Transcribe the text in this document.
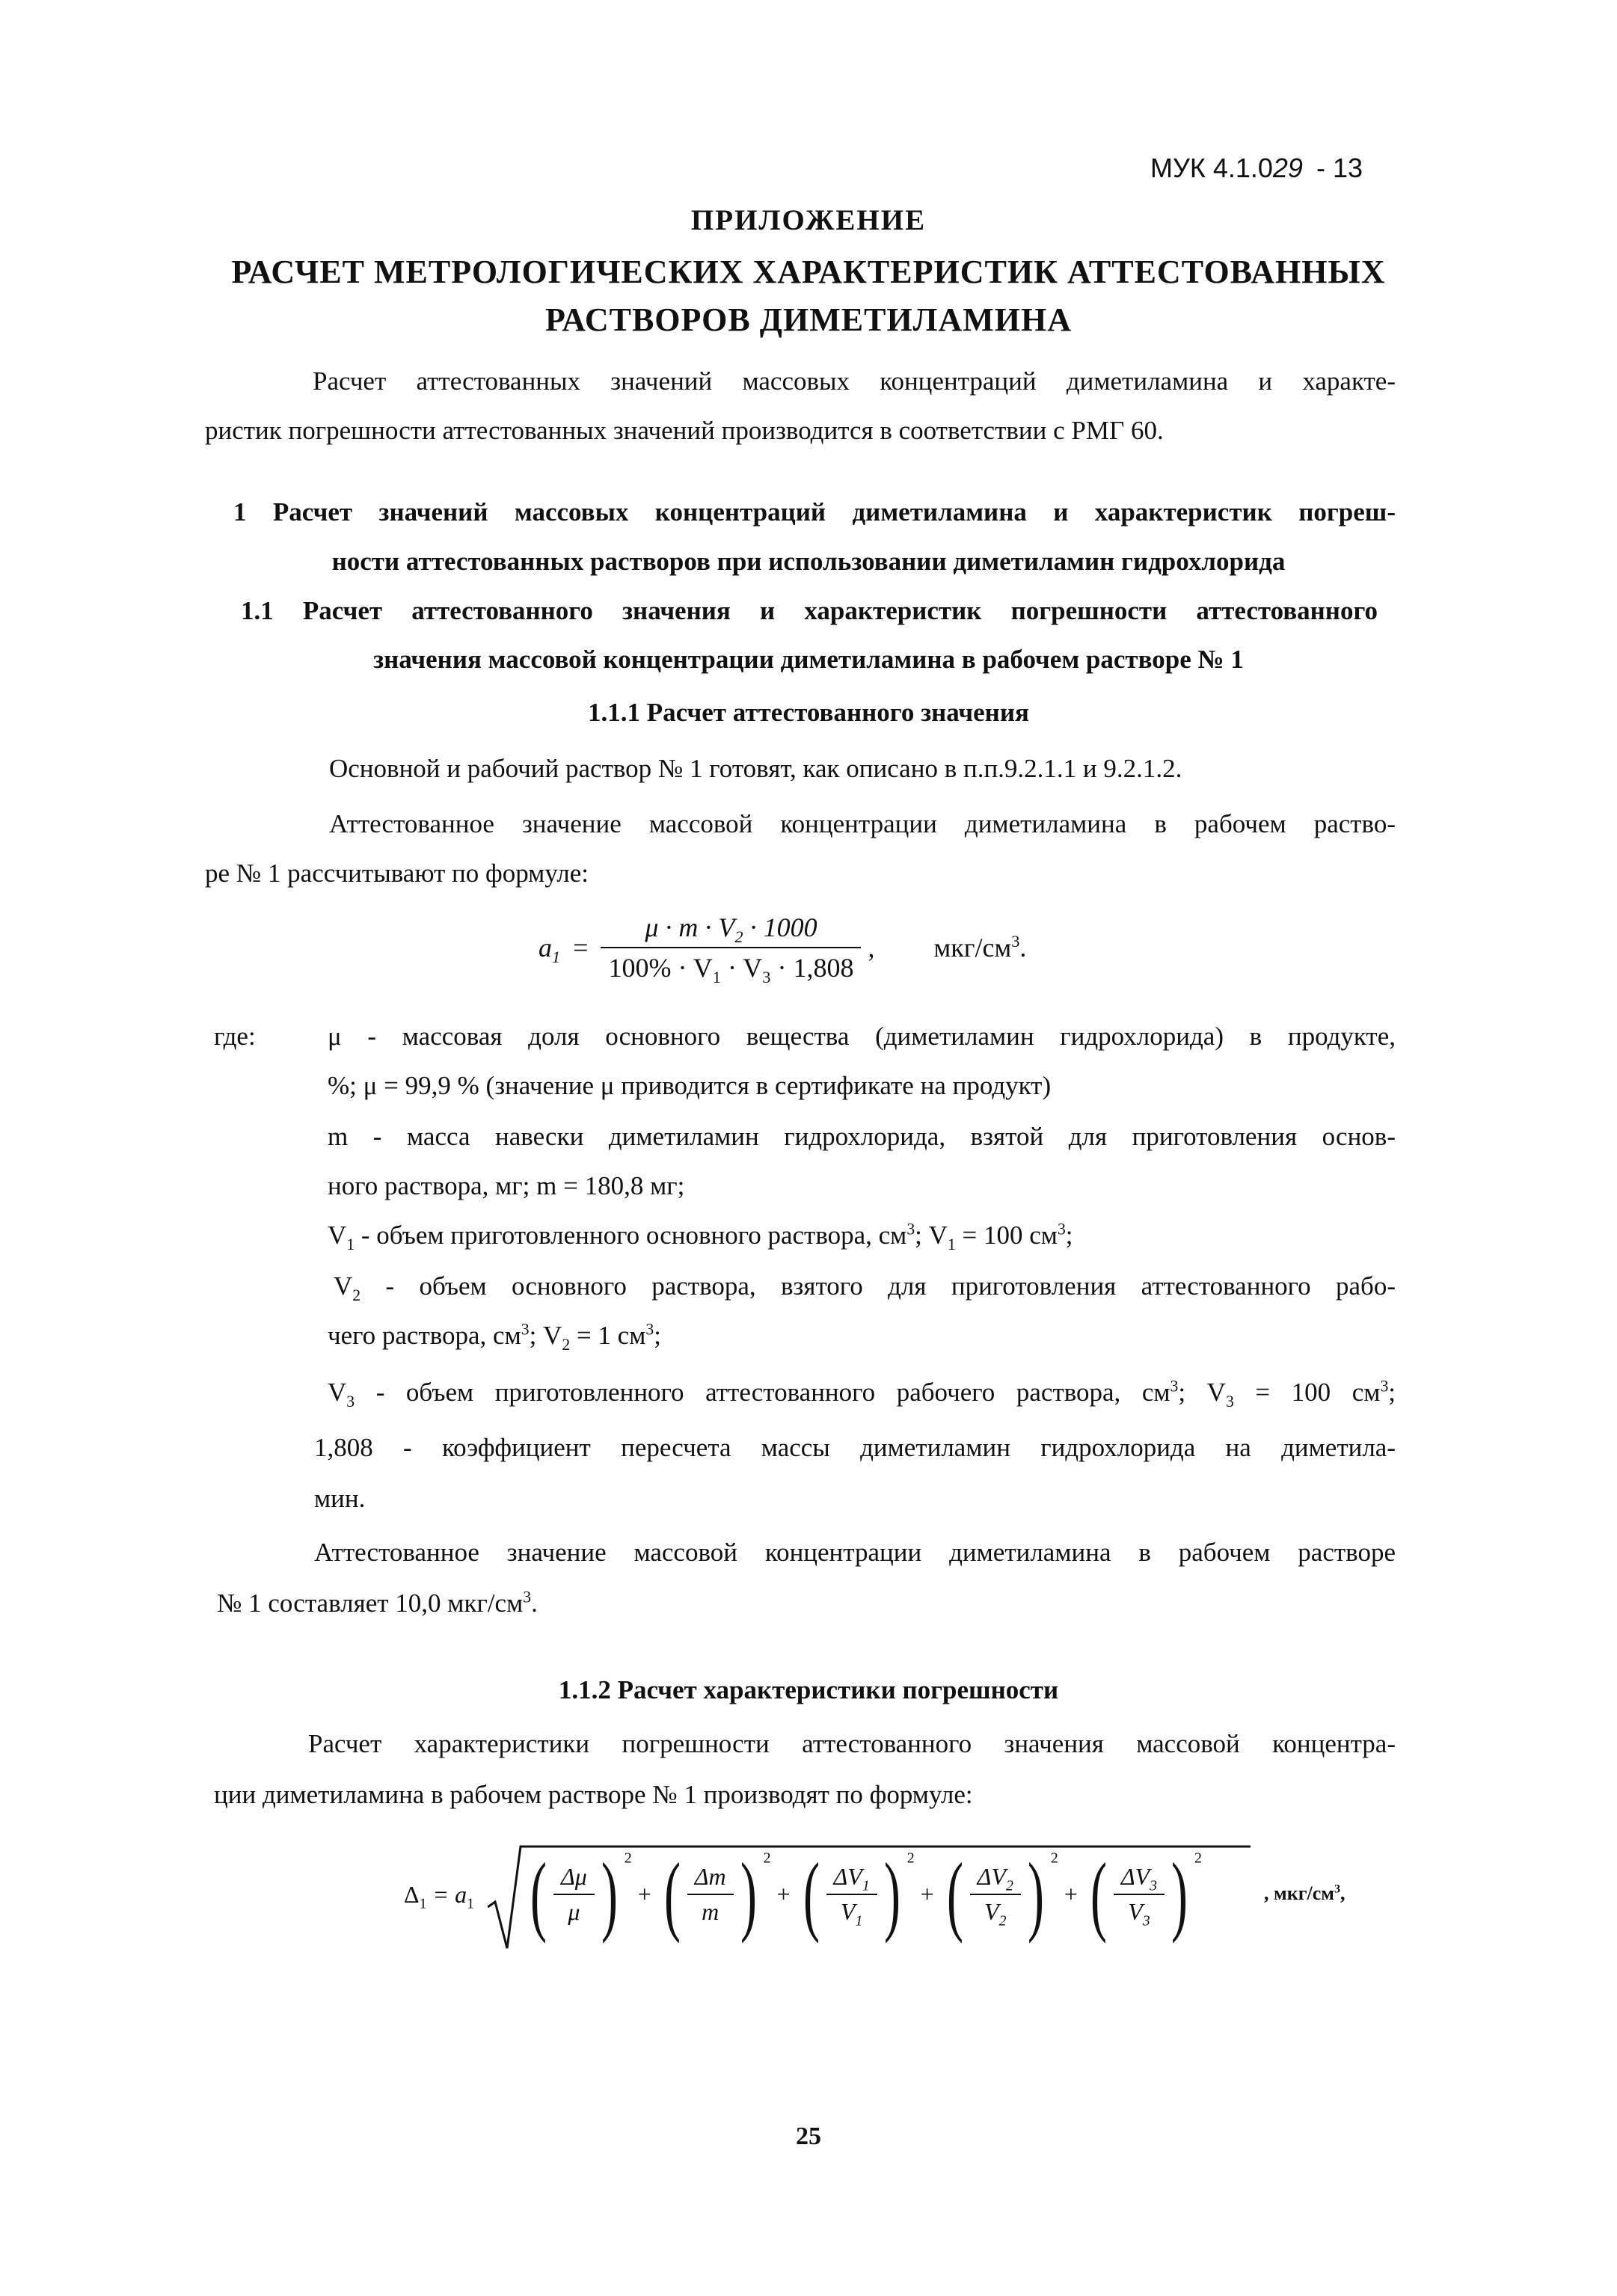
МУК 4.1.029 - 13
ПРИЛОЖЕНИЕ
РАСЧЕТ МЕТРОЛОГИЧЕСКИХ ХАРАКТЕРИСТИК АТТЕСТОВАННЫХ
РАСТВОРОВ ДИМЕТИЛАМИНА
Расчет аттестованных значений массовых концентраций диметиламина и характе-
ристик погрешности аттестованных значений производится в соответствии с РМГ 60.
1 Расчет значений массовых концентраций диметиламина и характеристик погреш-
ности аттестованных растворов при использовании диметиламин гидрохлорида
1.1 Расчет аттестованного значения и характеристик погрешности аттестованного
значения массовой концентрации диметиламина в рабочем растворе № 1
1.1.1 Расчет аттестованного значения
Основной и рабочий раствор № 1 готовят, как описано в п.п.9.2.1.1 и 9.2.1.2.
Аттестованное значение массовой концентрации диметиламина в рабочем раство-
ре № 1 рассчитывают по формуле:
$a_1 = \frac{\mu \cdot m \cdot V_2 \cdot 1000}{100\% \cdot V_1 \cdot V_3 \cdot 1,808}$ , мкг/$см^3$.
где:	μ - массовая доля основного вещества (диметиламин гидрохлорида) в продукте,
%; μ = 99,9 % (значение μ приводится в сертификате на продукт)
m - масса навески диметиламин гидрохлорида, взятой для приготовления основ-
ного раствора, мг; m = 180,8 мг;
$V_1$ - объем приготовленного основного раствора, $см^3$; $V_1 = 100$ $см^3$;
$V_2$ - объем основного раствора, взятого для приготовления аттестованного рабо-
чего раствора, $см^3$; $V_2 = 1$ $см^3$;
$V_3$ - объем приготовленного аттестованного рабочего раствора, $см^3$; $V_3 = 100$ $см^3$;
1,808 - коэффициент пересчета массы диметиламин гидрохлорида на диметила-
мин.
Аттестованное значение массовой концентрации диметиламина в рабочем растворе
№ 1 составляет 10,0 мкг/$см^3$.
1.1.2 Расчет характеристики погрешности
Расчет характеристики погрешности аттестованного значения массовой концентра-
ции диметиламина в рабочем растворе № 1 производят по формуле:
$\Delta_1 = a_1$ ( $\frac{\Delta\mu}{\mu}$ ) $^2$ + ( $\frac{\Delta m}{m}$ ) $^2$ + ( $\frac{\Delta V_1}{V_1}$ ) $^2$ + ( $\frac{\Delta V_2}{V_2}$ ) $^2$ + ( $\frac{\Delta V_3}{V_3}$ ) $^2$
, мкг/$см^3$,
25
